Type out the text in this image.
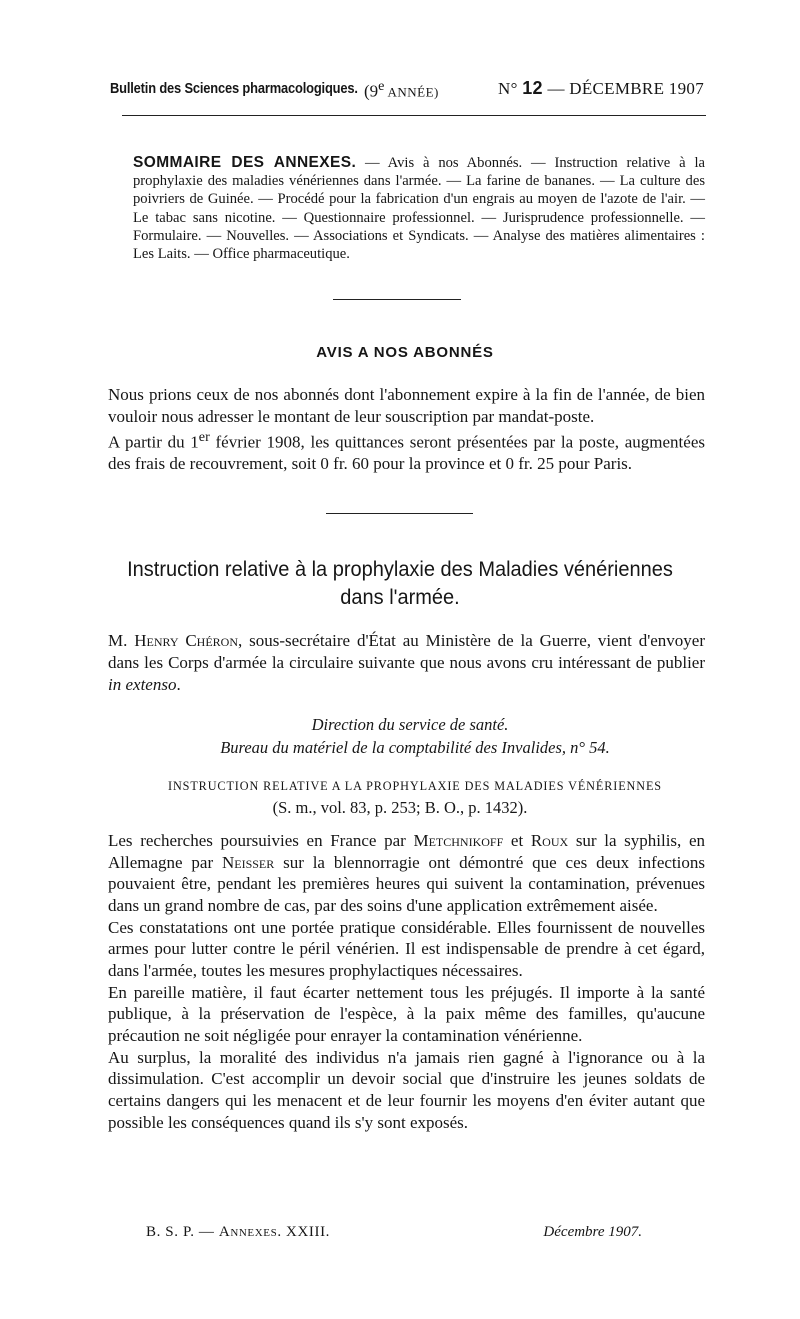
Bulletin des Sciences pharmacologiques. (9e ANNÉE)	N° 12 — DÉCEMBRE 1907
SOMMAIRE DES ANNEXES. — Avis à nos Abonnés. — Instruction relative à la prophylaxie des maladies vénériennes dans l'armée. — La farine de bananes. — La culture des poivriers de Guinée. — Procédé pour la fabrication d'un engrais au moyen de l'azote de l'air. — Le tabac sans nicotine. — Questionnaire professionnel. — Jurisprudence professionnelle. — Formulaire. — Nouvelles. — Associations et Syndicats. — Analyse des matières alimentaires : Les Laits. — Office pharmaceutique.
AVIS A NOS ABONNÉS

Nous prions ceux de nos abonnés dont l'abonnement expire à la fin de l'année, de bien vouloir nous adresser le montant de leur souscription par mandat-poste.

A partir du 1er février 1908, les quittances seront présentées par la poste, augmentées des frais de recouvrement, soit 0 fr. 60 pour la province et 0 fr. 25 pour Paris.

Instruction relative à la prophylaxie des Maladies vénériennes
dans l'armée.
M. Henry Chéron, sous-secrétaire d'État au Ministère de la Guerre, vient d'envoyer dans les Corps d'armée la circulaire suivante que nous avons cru intéressant de publier in extenso.
Direction du service de santé.
Bureau du matériel de la comptabilité des Invalides, n° 54.
INSTRUCTION RELATIVE A LA PROPHYLAXIE DES MALADIES VÉNÉRIENNES
(S. m., vol. 83, p. 253; B. O., p. 1432).

Les recherches poursuivies en France par Metchnikoff et Roux sur la syphilis, en Allemagne par Neisser sur la blennorragie ont démontré que ces deux infections pouvaient être, pendant les premières heures qui suivent la contamination, prévenues dans un grand nombre de cas, par des soins d'une application extrêmement aisée.

Ces constatations ont une portée pratique considérable. Elles fournissent de nouvelles armes pour lutter contre le péril vénérien. Il est indispensable de prendre à cet égard, dans l'armée, toutes les mesures prophylactiques nécessaires.

En pareille matière, il faut écarter nettement tous les préjugés. Il importe à la santé publique, à la préservation de l'espèce, à la paix même des familles, qu'aucune précaution ne soit négligée pour enrayer la contamination vénérienne.

Au surplus, la moralité des individus n'a jamais rien gagné à l'ignorance ou à la dissimulation. C'est accomplir un devoir social que d'instruire les jeunes soldats de certains dangers qui les menacent et de leur fournir les moyens d'en éviter autant que possible les conséquences quand ils s'y sont exposés.

B. S. P. — Annexes. XXIII.	Décembre 1907.
